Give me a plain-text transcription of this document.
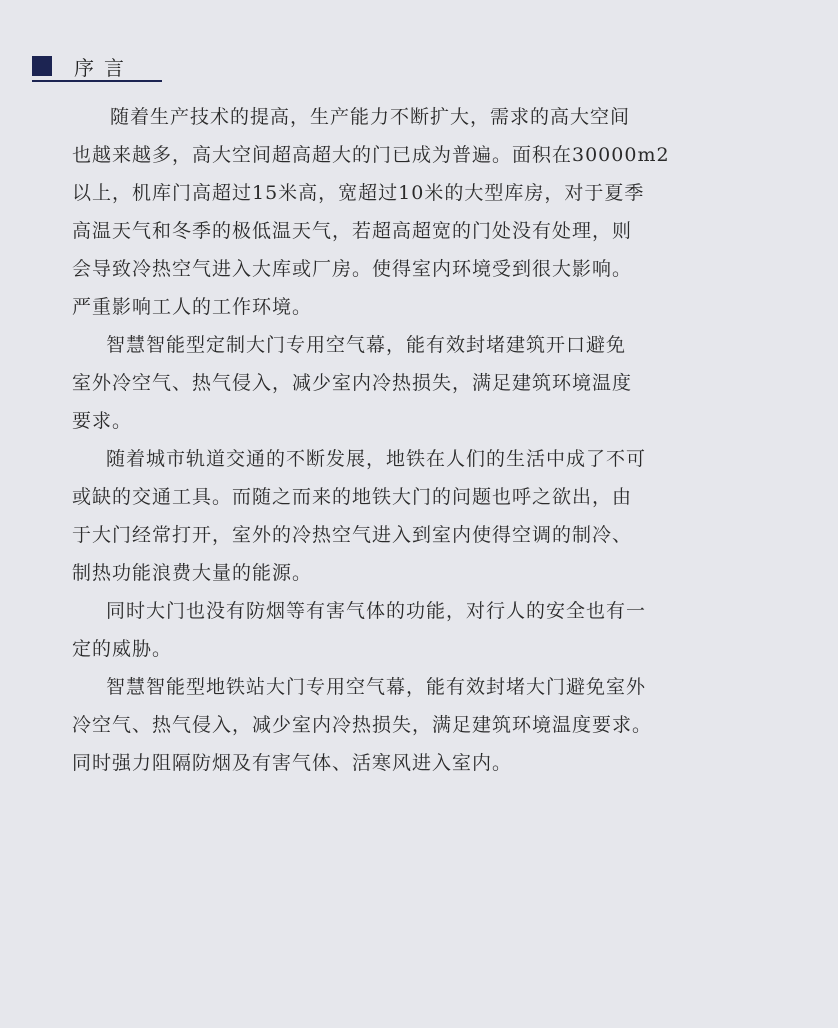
序言
随着生产技术的提高，生产能力不断扩大，需求的高大空间
也越来越多，高大空间超高超大的门已成为普遍。面积在30000m2
以上，机库门高超过15米高，宽超过10米的大型库房，对于夏季
高温天气和冬季的极低温天气，若超高超宽的门处没有处理，则
会导致冷热空气进入大库或厂房。使得室内环境受到很大影响。
严重影响工人的工作环境。
智慧智能型定制大门专用空气幕，能有效封堵建筑开口避免
室外冷空气、热气侵入，减少室内冷热损失，满足建筑环境温度
要求。
随着城市轨道交通的不断发展，地铁在人们的生活中成了不可
或缺的交通工具。而随之而来的地铁大门的问题也呼之欲出，由
于大门经常打开，室外的冷热空气进入到室内使得空调的制冷、
制热功能浪费大量的能源。
同时大门也没有防烟等有害气体的功能，对行人的安全也有一
定的威胁。
智慧智能型地铁站大门专用空气幕，能有效封堵大门避免室外
冷空气、热气侵入，减少室内冷热损失，满足建筑环境温度要求。
同时强力阻隔防烟及有害气体、活寒风进入室内。
